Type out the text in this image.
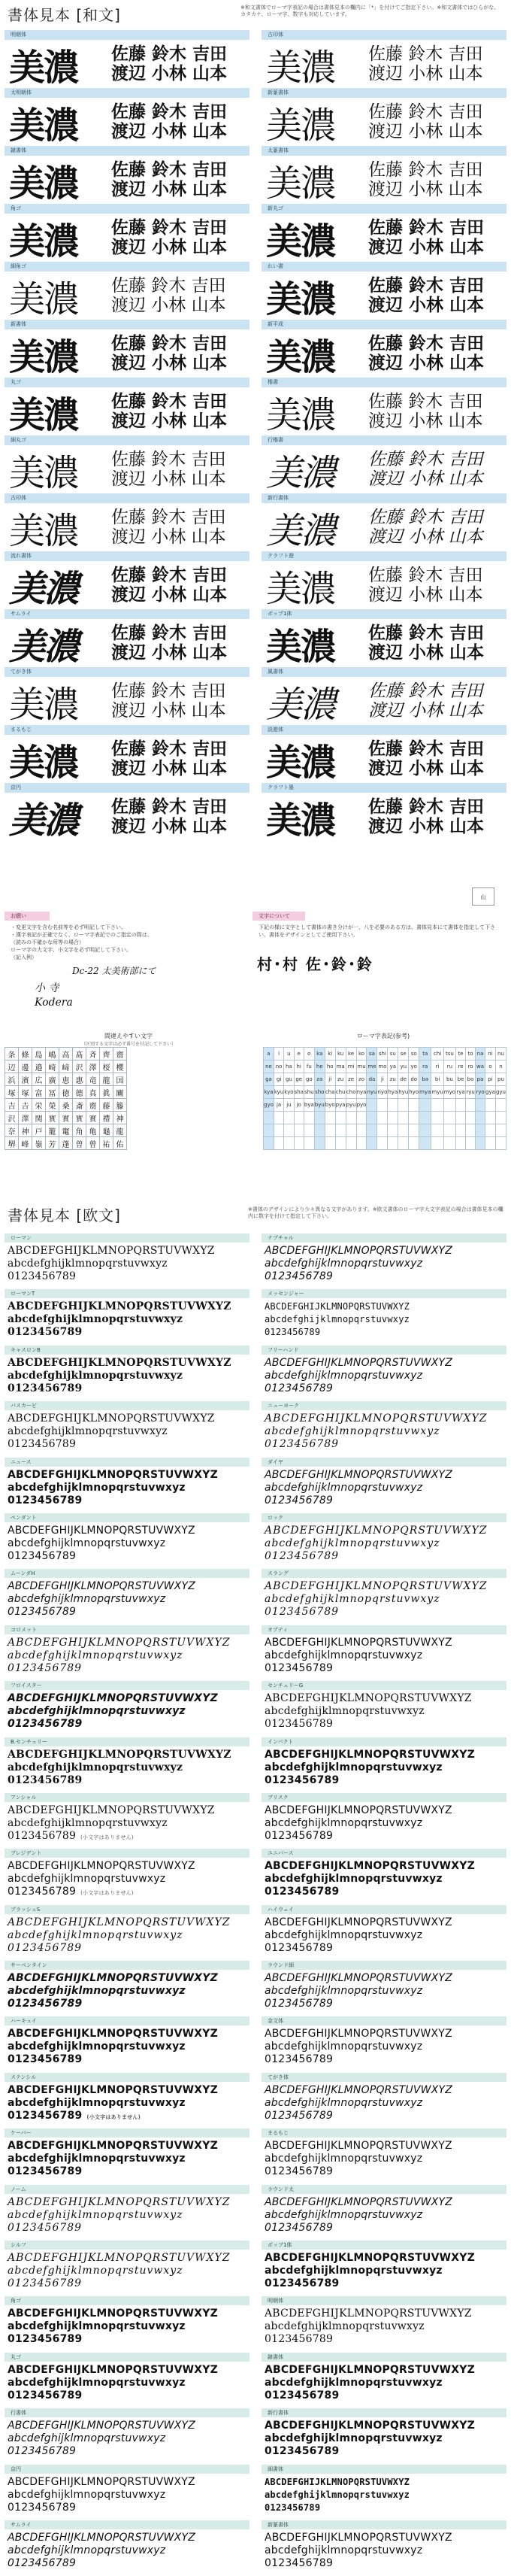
書体見本 [和文]	※和文書体でローマ字表記の場合は書体見本の欄内に「*」を付けてご指定下さい。※和文書体ではひらがな、カタカナ、ローマ字、数字も対応しています。
明朝体
美濃	佐藤 鈴木 吉田
渡辺 小林 山本
古印体
美濃	佐藤 鈴木 吉田
渡辺 小林 山本
太明朝体
美濃	佐藤 鈴木 吉田
渡辺 小林 山本
新篆書体
美濃	佐藤 鈴木 吉田
渡辺 小林 山本
隷書体
美濃	佐藤 鈴木 吉田
渡辺 小林 山本
太篆書体
美濃	佐藤 鈴木 吉田
渡辺 小林 山本
角ゴ
美濃	佐藤 鈴木 吉田
渡辺 小林 山本
新丸ゴ
美濃	佐藤 鈴木 吉田
渡辺 小林 山本
細角ゴ
美濃	佐藤 鈴木 吉田
渡辺 小林 山本
れい書
美濃	佐藤 鈴木 吉田
渡辺 小林 山本
新書体
美濃	佐藤 鈴木 吉田
渡辺 小林 山本
新平成
美濃	佐藤 鈴木 吉田
渡辺 小林 山本
丸ゴ
美濃	佐藤 鈴木 吉田
渡辺 小林 山本
楷書
美濃	佐藤 鈴木 吉田
渡辺 小林 山本
細丸ゴ
美濃	佐藤 鈴木 吉田
渡辺 小林 山本
行楷書
美濃	佐藤 鈴木 吉田
渡辺 小林 山本
古印体
美濃	佐藤 鈴木 吉田
渡辺 小林 山本
新行書体
美濃	佐藤 鈴木 吉田
渡辺 小林 山本
流れ書体
美濃	佐藤 鈴木 吉田
渡辺 小林 山本
クラフト遊
美濃	佐藤 鈴木 吉田
渡辺 小林 山本
サムライ
美濃	佐藤 鈴木 吉田
渡辺 小林 山本
ポップ1体
美濃	佐藤 鈴木 吉田
渡辺 小林 山本
てがき体
美濃	佐藤 鈴木 吉田
渡辺 小林 山本
風書体
美濃	佐藤 鈴木 吉田
渡辺 小林 山本
まるもじ
美濃	佐藤 鈴木 吉田
渡辺 小林 山本
淡遊体
美濃	佐藤 鈴木 吉田
渡辺 小林 山本
京円
美濃	佐藤 鈴木 吉田
渡辺 小林 山本
クラフト墨
美濃	佐藤 鈴木 吉田
渡辺 小林 山本
山
お願い
・変更文字を含む名前等を必ず明記して下さい。
・漢字表記が正確でなく、ローマ字表記でのご指定の際は、
（読みの不確かな所等の場合）
ローマ字の大文字、小文字を必ず明記して下さい。
（記入例）
Dc-22 太美術部にて
小 寺
Kodera
文字について
下記の様に文字として書体の書き分けが一、八を必要のある方は、書体見本にて書体を指定して下さい。書体をデザインとしてご使用下さい。
村･村 佐･鈴･鈴
間違えやすい文字
（区別する文字は必ず番号を付記して下さい）
条	條	島	嶋	高	髙	斉	齊	齋
辺	邊	邉	崎	﨑	沢	澤	桜	櫻
浜	濱	広	廣	恵	惠	竜	龍	国
塚	塚	富	冨	徳	德	真	眞	關
吉	𠮷	栄	榮	桑	斎	齋	藤	籐
沢	澤	関	實	實	實	實	禮	神
奈	神	戸	籠	竃	角	亀	龜	龍
堺	峰	嶺	芳	蓬	曽	曾	祐	佑
ローマ字表記(参考)
a	i	u	e	o	ka	ki	ku	ke	ko	sa	shi	su	se	so	ta	chi	tsu	te	to	na	ni	nu
ne	no	ha	hi	fu	he	ho	ma	mi	mu	me	mo	ya	yu	yo	ra	ri	ru	re	ro	wa	o	n
ga	gi	gu	ge	go	za	ji	zu	ze	zo	da	ji	zu	de	do	ba	bi	bu	be	bo	pa	pi	pu
kya	kyu	kyo	sha	shu	sho	cha	chu	cho	nya	nyu	nyo	hya	hyu	hyo	mya	myu	myo	rya	ryu	ryo	gya	gyu
gyo	ja	ju	jo	bya	byu	byo	pya	pyu	pyo													

書体見本 [欧文]	※書体のデザインにより少々異なる文字があります。※欧文書体のローマ字大文字表記の場合は書体見本の欄内に数字を付けて指定して下さい。
ローマン
ABCDEFGHIJKLMNOPQRSTUVWXYZ
abcdefghijklmnopqrstuvwxyz
0123456789
ナプチャル
ABCDEFGHIJKLMNOPQRSTUVWXYZ
abcdefghijklmnopqrstuvwxyz
0123456789
ローマンT
ABCDEFGHIJKLMNOPQRSTUVWXYZ
abcdefghijklmnopqrstuvwxyz
0123456789
メッセンジャー
ABCDEFGHIJKLMNOPQRSTUVWXYZ
abcdefghijklmnopqrstuvwxyz
0123456789
キャスロンB
ABCDEFGHIJKLMNOPQRSTUVWXYZ
abcdefghijklmnopqrstuvwxyz
0123456789
フリーハンド
ABCDEFGHIJKLMNOPQRSTUVWXYZ
abcdefghijklmnopqrstuvwxyz
0123456789
バスカービ
ABCDEFGHIJKLMNOPQRSTUVWXYZ
abcdefghijklmnopqrstuvwxyz
0123456789
ニューヨーク
ABCDEFGHIJKLMNOPQRSTUVWXYZ
abcdefghijklmnopqrstuvwxyz
0123456789
ニュース
ABCDEFGHIJKLMNOPQRSTUVWXYZ
abcdefghijklmnopqrstuvwxyz
0123456789
ダイヤ
ABCDEFGHIJKLMNOPQRSTUVWXYZ
abcdefghijklmnopqrstuvwxyz
0123456789
ペンダント
ABCDEFGHIJKLMNOPQRSTUVWXYZ
abcdefghijklmnopqrstuvwxyz
0123456789
ロック
ABCDEFGHIJKLMNOPQRSTUVWXYZ
abcdefghijklmnopqrstuvwxyz
0123456789
ムーンダH
ABCDEFGHIJKLMNOPQRSTUVWXYZ
abcdefghijklmnopqrstuvwxyz
0123456789
スラング
ABCDEFGHIJKLMNOPQRSTUVWXYZ
abcdefghijklmnopqrstuvwxyz
0123456789
コロメット
ABCDEFGHIJKLMNOPQRSTUVWXYZ
abcdefghijklmnopqrstuvwxyz
0123456789
オプティ
ABCDEFGHIJKLMNOPQRSTUVWXYZ
abcdefghijklmnopqrstuvwxyz
0123456789
フロイスター
ABCDEFGHIJKLMNOPQRSTUVWXYZ
abcdefghijklmnopqrstuvwxyz
0123456789
センチュリーG
ABCDEFGHIJKLMNOPQRSTUVWXYZ
abcdefghijklmnopqrstuvwxyz
0123456789
B.センチュリー
ABCDEFGHIJKLMNOPQRSTUVWXYZ
abcdefghijklmnopqrstuvwxyz
0123456789
インパクト
ABCDEFGHIJKLMNOPQRSTUVWXYZ
abcdefghijklmnopqrstuvwxyz
0123456789
アンシャル
ABCDEFGHIJKLMNOPQRSTUVWXYZ
abcdefghijklmnopqrstuvwxyz
0123456789 (小文字はありません)
ブリスク
ABCDEFGHIJKLMNOPQRSTUVWXYZ
abcdefghijklmnopqrstuvwxyz
0123456789
ブレジデント
ABCDEFGHIJKLMNOPQRSTUVWXYZ
abcdefghijklmnopqrstuvwxyz
0123456789 (小文字はありません)
ユニバース
ABCDEFGHIJKLMNOPQRSTUVWXYZ
abcdefghijklmnopqrstuvwxyz
0123456789
ブラッシュS
ABCDEFGHIJKLMNOPQRSTUVWXYZ
abcdefghijklmnopqrstuvwxyz
0123456789
ハイウェイ
ABCDEFGHIJKLMNOPQRSTUVWXYZ
abcdefghijklmnopqrstuvwxyz
0123456789
サーベンタイン
ABCDEFGHIJKLMNOPQRSTUVWXYZ
abcdefghijklmnopqrstuvwxyz
0123456789
ラウンド細
ABCDEFGHIJKLMNOPQRSTUVWXYZ
abcdefghijklmnopqrstuvwxyz
0123456789
ハーキュイ
ABCDEFGHIJKLMNOPQRSTUVWXYZ
abcdefghijklmnopqrstuvwxyz
0123456789
金文体
ABCDEFGHIJKLMNOPQRSTUVWXYZ
abcdefghijklmnopqrstuvwxyz
0123456789
ステンシル
ABCDEFGHIJKLMNOPQRSTUVWXYZ
abcdefghijklmnopqrstuvwxyz
0123456789 (小文字はありません)
てがき体
ABCDEFGHIJKLMNOPQRSTUVWXYZ
abcdefghijklmnopqrstuvwxyz
0123456789
ケーバー
ABCDEFGHIJKLMNOPQRSTUVWXYZ
abcdefghijklmnopqrstuvwxyz
0123456789
まるもじ
ABCDEFGHIJKLMNOPQRSTUVWXYZ
abcdefghijklmnopqrstuvwxyz
0123456789
ノーム
ABCDEFGHIJKLMNOPQRSTUVWXYZ
abcdefghijklmnopqrstuvwxyz
0123456789
ラウンド太
ABCDEFGHIJKLMNOPQRSTUVWXYZ
abcdefghijklmnopqrstuvwxyz
0123456789
シルフ
ABCDEFGHIJKLMNOPQRSTUVWXYZ
abcdefghijklmnopqrstuvwxyz
0123456789
ポップ1体
ABCDEFGHIJKLMNOPQRSTUVWXYZ
abcdefghijklmnopqrstuvwxyz
0123456789
角ゴ
ABCDEFGHIJKLMNOPQRSTUVWXYZ
abcdefghijklmnopqrstuvwxyz
0123456789
明朝体
ABCDEFGHIJKLMNOPQRSTUVWXYZ
abcdefghijklmnopqrstuvwxyz
0123456789
丸ゴ
ABCDEFGHIJKLMNOPQRSTUVWXYZ
abcdefghijklmnopqrstuvwxyz
0123456789
隷書体
ABCDEFGHIJKLMNOPQRSTUVWXYZ
abcdefghijklmnopqrstuvwxyz
0123456789
行書体
ABCDEFGHIJKLMNOPQRSTUVWXYZ
abcdefghijklmnopqrstuvwxyz
0123456789
新行書体
ABCDEFGHIJKLMNOPQRSTUVWXYZ
abcdefghijklmnopqrstuvwxyz
0123456789
京円
ABCDEFGHIJKLMNOPQRSTUVWXYZ
abcdefghijklmnopqrstuvwxyz
0123456789
細書体
ABCDEFGHIJKLMNOPQRSTUVWXYZ
abcdefghijklmnopqrstuvwxyz
0123456789
サムライ
ABCDEFGHIJKLMNOPQRSTUVWXYZ
abcdefghijklmnopqrstuvwxyz
0123456789
新篆書体
ABCDEFGHIJKLMNOPQRSTUVWXYZ
abcdefghijklmnopqrstuvwxyz
0123456789
